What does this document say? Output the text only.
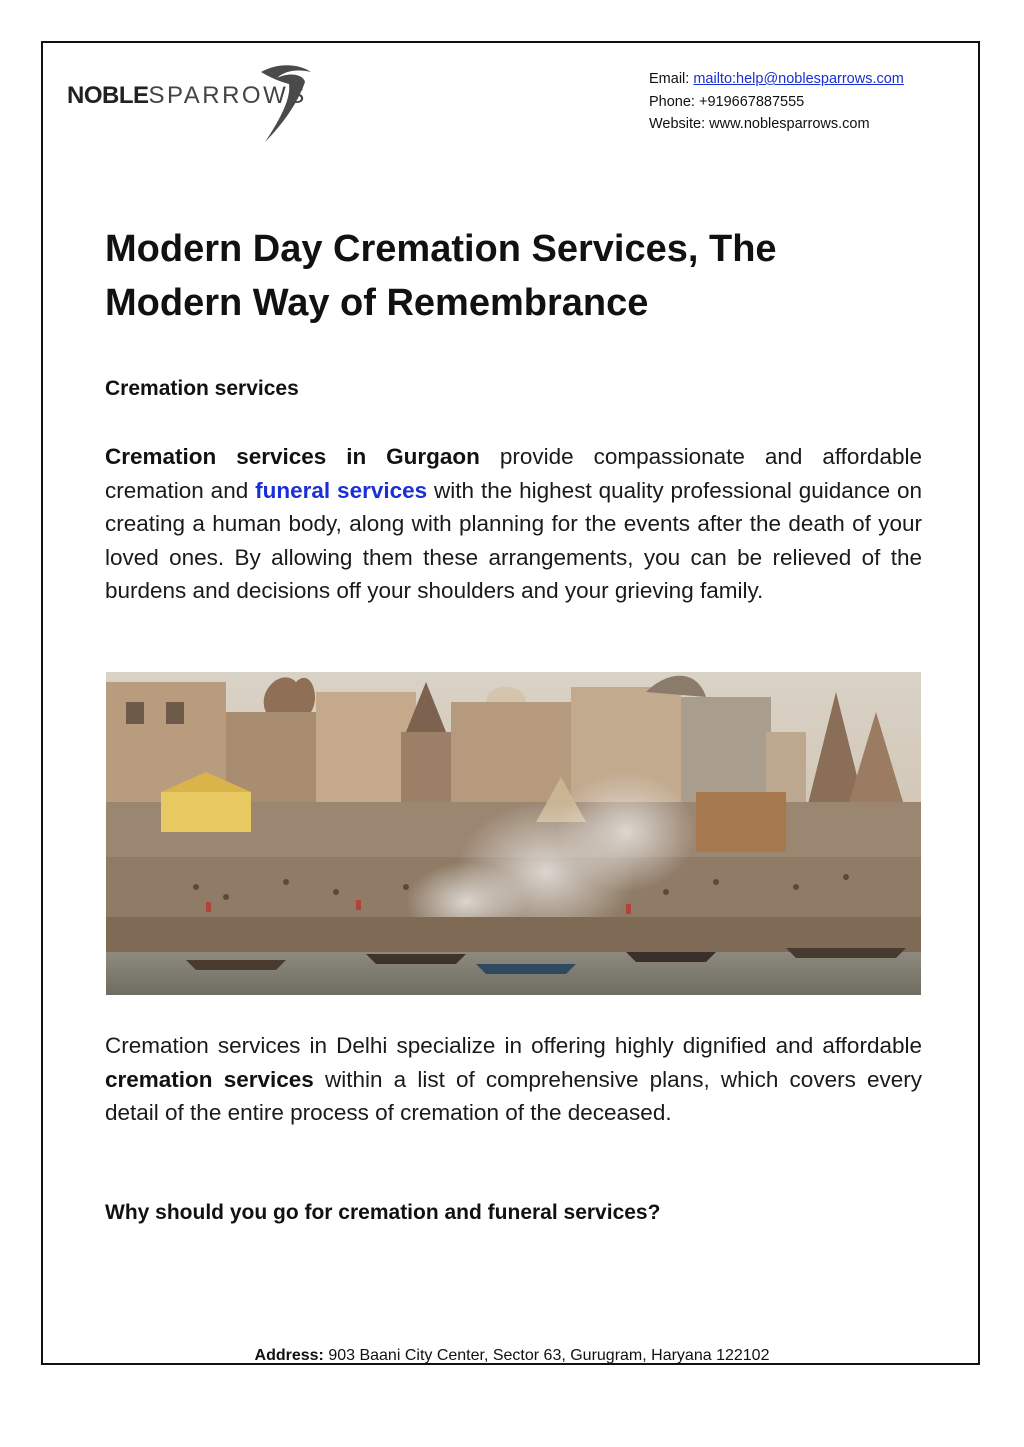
NOBLESPARROWS
Email: mailto:help@noblesparrows.com
Phone: +919667887555
Website: www.noblesparrows.com
Modern Day Cremation Services, The Modern Way of Remembrance
Cremation services

Cremation services in Gurgaon provide compassionate and affordable cremation and funeral services with the highest quality professional guidance on creating a human body, along with planning for the events after the death of your loved ones. By allowing them these arrangements, you can be relieved of the burdens and decisions off your shoulders and your grieving family.

Cremation services in Delhi specialize in offering highly dignified and affordable cremation services within a list of comprehensive plans, which covers every detail of the entire process of cremation of the deceased.

Why should you go for cremation and funeral services?
Address: 903 Baani City Center, Sector 63, Gurugram, Haryana 122102
